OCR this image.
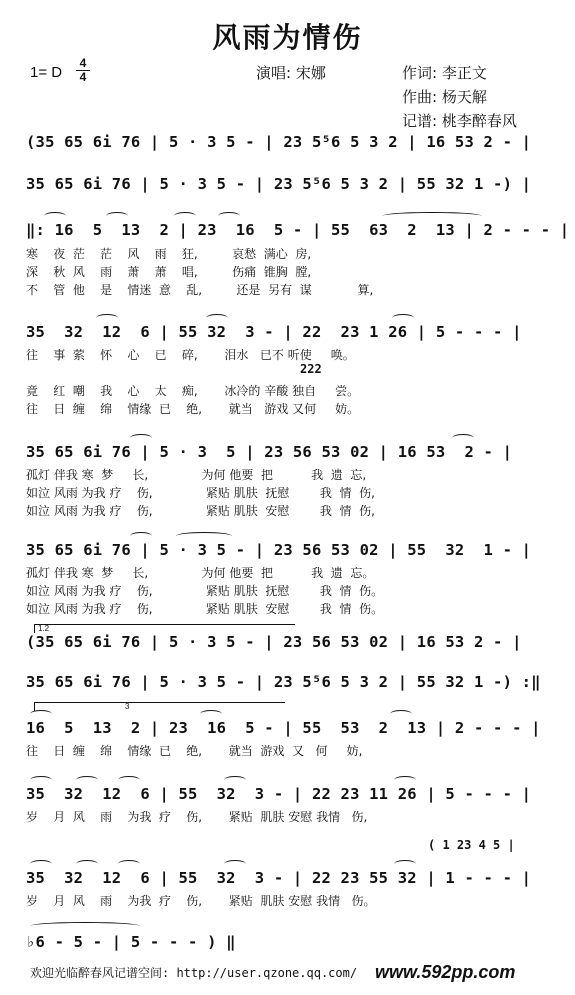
风雨为情伤
1= D
4
4	演唱: 宋娜	作词: 李正文
作曲: 杨天解
记谱: 桃李醉春风
(35 65 6i 76 | 5 · 3 5 - | 23 5⁵6 5 3 2 | 16 53 2 - |
35 65 6i 76 | 5 · 3 5 - | 23 5⁵6 5 3 2 | 55 32 1 -) |
‖: 16  5  13  2 | 23  16  5 - | 55  63  2  13 | 2 - - - |
寒    夜  茫    茫    风    雨    狂,         哀愁  满心  房,
深    秋  风    雨    萧    萧    唱,         伤痛  锥胸  膛,
不    管  他    是    情迷  意    乱,         还是  另有  谋            算,
35  32  12  6 | 55 32  3 - | 22  23 1 26 | 5 - - - |
往    事  萦    怀    心    已    碎,       泪水   已不 听使     唤。
222
竟    红  嘲    我    心    太    痴,       冰冷的 辛酸 独自     尝。
往    日  缠    绵    情缘  已    绝,       就当   游戏 又何     妨。
35 65 6i 76 | 5 · 3  5 | 23 56 53 02 | 16 53  2 - |
孤灯 伴我 寒  梦     长,              为何 他要  把          我  遗  忘,
如泣 风雨 为我 疗    伤,              紧贴 肌肤  抚慰        我  情  伤,
如泣 风雨 为我 疗    伤,              紧贴 肌肤  安慰        我  情  伤,
35 65 6i 76 | 5 · 3 5 - | 23 56 53 02 | 55  32  1 - |
孤灯 伴我 寒  梦     长,              为何 他要  把          我  遗  忘。
如泣 风雨 为我 疗    伤,              紧贴 肌肤  抚慰        我  情  伤。
如泣 风雨 为我 疗    伤,              紧贴 肌肤  安慰        我  情  伤。
1.2
(35 65 6i 76 | 5 · 3 5 - | 23 56 53 02 | 16 53 2 - |
35 65 6i 76 | 5 · 3 5 - | 23 5⁵6 5 3 2 | 55 32 1 -) :‖
3
16  5  13  2 | 23  16  5 - | 55  53  2  13 | 2 - - - |
往    日  缠    绵    情缘  已    绝,       就当  游戏  又   何     妨,
35  32  12  6 | 55  32  3 - | 22 23 11 26 | 5 - - - |
岁    月  风    雨    为我  疗    伤,       紧贴  肌肤 安慰 我情   伤,
( 1 23 4 5 |
35  32  12  6 | 55  32  3 - | 22 23 55 32 | 1 - - - |
岁    月  风    雨    为我  疗    伤,       紧贴  肌肤 安慰 我情   伤。
♭6 - 5 - | 5 - - - ) ‖
欢迎光临醉春风记谱空间: http://user.qzone.qq.com/ www.592pp.com
